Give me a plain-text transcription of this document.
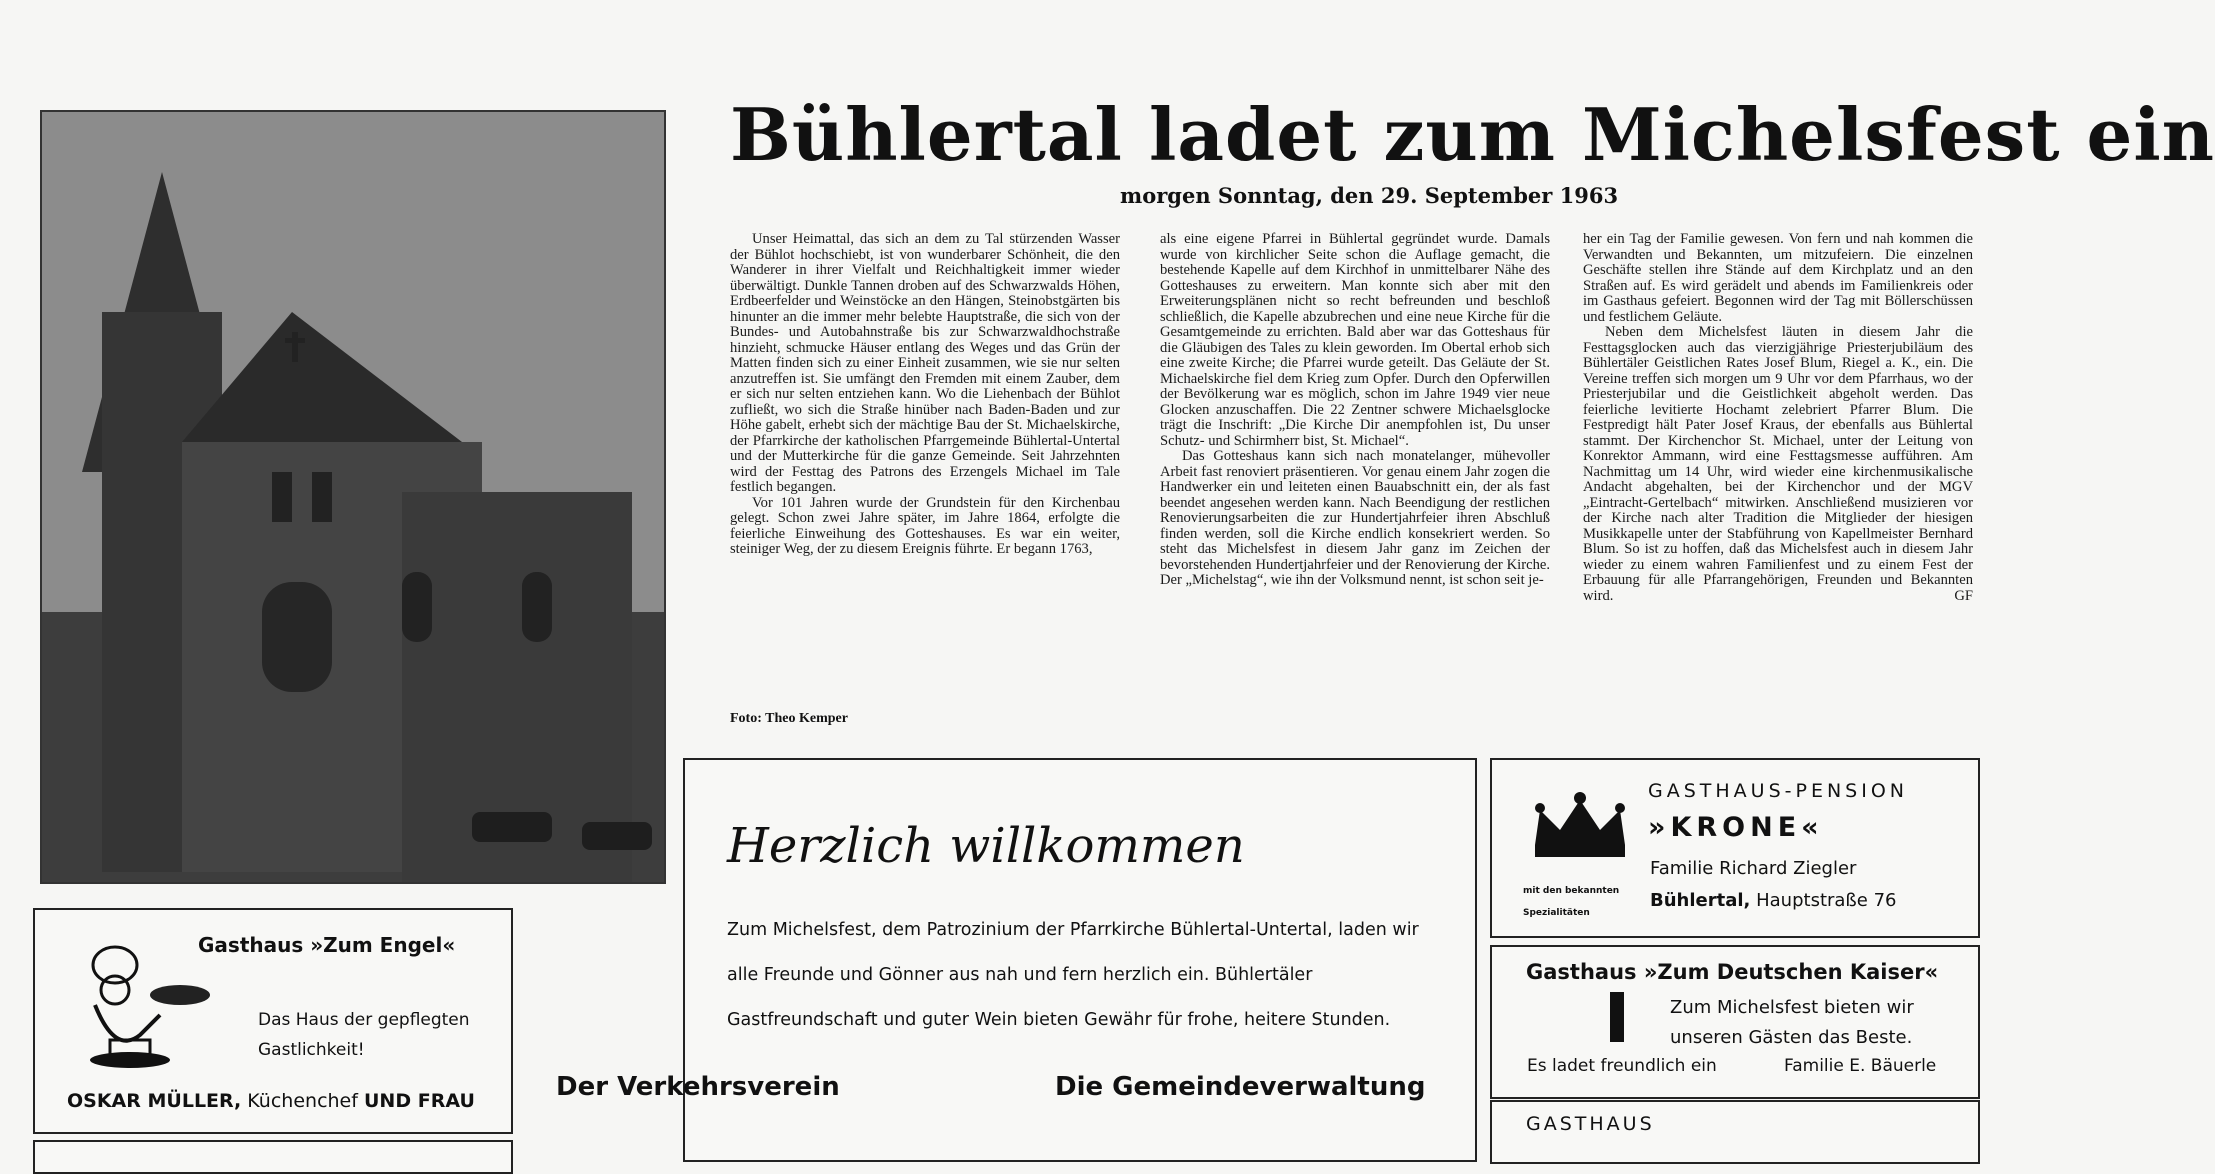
Bühlertal ladet zum Michelsfest ein
morgen Sonntag, den 29. September 1963

Unser Heimattal, das sich an dem zu Tal stürzenden Wasser der Bühlot hochschiebt, ist von wunderbarer Schönheit, die den Wanderer in ihrer Vielfalt und Reichhaltigkeit immer wieder überwältigt. Dunkle Tannen droben auf des Schwarzwalds Höhen, Erdbeerfelder und Weinstöcke an den Hängen, Steinobstgärten bis hinunter an die immer mehr belebte Hauptstraße, die sich von der Bundes- und Autobahnstraße bis zur Schwarzwaldhochstraße hinzieht, schmucke Häuser entlang des Weges und das Grün der Matten finden sich zu einer Einheit zusammen, wie sie nur selten anzutreffen ist. Sie umfängt den Fremden mit einem Zauber, dem er sich nur selten entziehen kann. Wo die Liehenbach der Bühlot zufließt, wo sich die Straße hinüber nach Baden-Baden und zur Höhe gabelt, erhebt sich der mächtige Bau der St. Michaelskirche, der Pfarrkirche der katholischen Pfarrgemeinde Bühlertal-Untertal und der Mutterkirche für die ganze Gemeinde. Seit Jahrzehnten wird der Festtag des Patrons des Erzengels Michael im Tale festlich begangen.

Vor 101 Jahren wurde der Grundstein für den Kirchenbau gelegt. Schon zwei Jahre später, im Jahre 1864, erfolgte die feierliche Einweihung des Gotteshauses. Es war ein weiter, steiniger Weg, der zu diesem Ereignis führte. Er begann 1763,

Foto: Theo Kemper

als eine eigene Pfarrei in Bühlertal gegründet wurde. Damals wurde von kirchlicher Seite schon die Auflage gemacht, die bestehende Kapelle auf dem Kirchhof in unmittelbarer Nähe des Gotteshauses zu erweitern. Man konnte sich aber mit den Erweiterungsplänen nicht so recht befreunden und beschloß schließlich, die Kapelle abzubrechen und eine neue Kirche für die Gesamtgemeinde zu errichten. Bald aber war das Gotteshaus für die Gläubigen des Tales zu klein geworden. Im Obertal erhob sich eine zweite Kirche; die Pfarrei wurde geteilt. Das Geläute der St. Michaelskirche fiel dem Krieg zum Opfer. Durch den Opferwillen der Bevölkerung war es möglich, schon im Jahre 1949 vier neue Glocken anzuschaffen. Die 22 Zentner schwere Michaelsglocke trägt die Inschrift: „Die Kirche Dir anempfohlen ist, Du unser Schutz- und Schirmherr bist, St. Michael“.

Das Gotteshaus kann sich nach monatelanger, mühevoller Arbeit fast renoviert präsentieren. Vor genau einem Jahr zogen die Handwerker ein und leiteten einen Bauabschnitt ein, der als fast beendet angesehen werden kann. Nach Beendigung der restlichen Renovierungsarbeiten die zur Hundertjahrfeier ihren Abschluß finden werden, soll die Kirche endlich konsekriert werden. So steht das Michelsfest in diesem Jahr ganz im Zeichen der bevorstehenden Hundertjahrfeier und der Renovierung der Kirche. Der „Michelstag“, wie ihn der Volksmund nennt, ist schon seit je-

her ein Tag der Familie gewesen. Von fern und nah kommen die Verwandten und Bekannten, um mitzufeiern. Die einzelnen Geschäfte stellen ihre Stände auf dem Kirchplatz und an den Straßen auf. Es wird gerädelt und abends im Familienkreis oder im Gasthaus gefeiert. Begonnen wird der Tag mit Böllerschüssen und festlichem Geläute.

Neben dem Michelsfest läuten in diesem Jahr die Festtagsglocken auch das vierzigjährige Priesterjubiläum des Bühlertäler Geistlichen Rates Josef Blum, Riegel a. K., ein. Die Vereine treffen sich morgen um 9 Uhr vor dem Pfarrhaus, wo der Priesterjubilar und die Geistlichkeit abgeholt werden. Das feierliche levitierte Hochamt zelebriert Pfarrer Blum. Die Festpredigt hält Pater Josef Kraus, der ebenfalls aus Bühlertal stammt. Der Kirchenchor St. Michael, unter der Leitung von Konrektor Ammann, wird eine Festtagsmesse aufführen. Am Nachmittag um 14 Uhr, wird wieder eine kirchenmusikalische Andacht abgehalten, bei der Kirchenchor und der MGV „Eintracht-Gertelbach“ mitwirken. Anschließend musizieren vor der Kirche nach alter Tradition die Mitglieder der hiesigen Musikkapelle unter der Stabführung von Kapellmeister Bernhard Blum. So ist zu hoffen, daß das Michelsfest auch in diesem Jahr wieder zu einem wahren Familienfest und zu einem Fest der Erbauung für alle Pfarrangehörigen, Freunden und Bekannten wird.	GF
Herzlich willkommen
Zum Michelsfest, dem Patrozinium der Pfarrkirche Bühlertal-Untertal, laden wir alle Freunde und Gönner aus nah und fern herzlich ein. Bühlertäler Gastfreundschaft und guter Wein bieten Gewähr für frohe, heitere Stunden.
Der Verkehrsverein	Die Gemeindeverwaltung
Gasthaus »Zum Engel«
Das Haus der gepflegten Gastlichkeit!
OSKAR MÜLLER, Küchenchef UND FRAU
GASTHAUS-PENSION
»KRONE«
Familie Richard Ziegler
Bühlertal, Hauptstraße 76
mit den bekannten
Spezialitäten
Gasthaus »Zum Deutschen Kaiser«
Zum Michelsfest bieten wir unseren Gästen das Beste.
Es ladet freundlich ein	Familie E. Bäuerle
GASTHAUS
